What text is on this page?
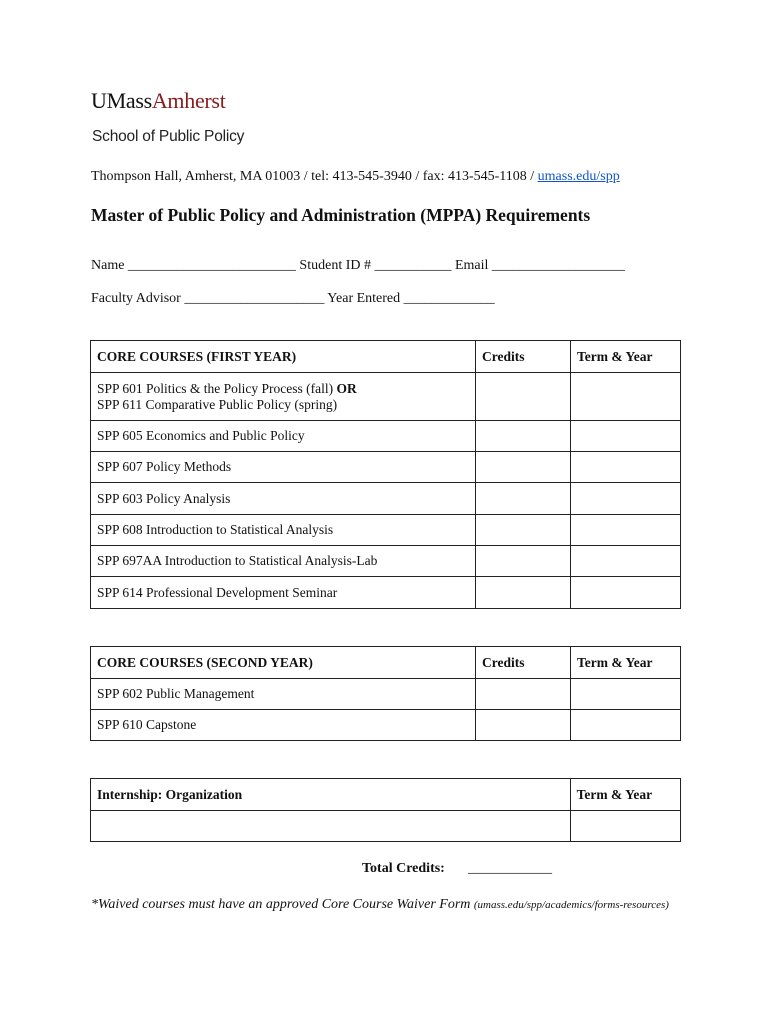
UMassAmherst
School of Public Policy
Thompson Hall, Amherst, MA 01003 / tel: 413-545-3940 / fax: 413-545-1108 / umass.edu/spp
Master of Public Policy and Administration (MPPA) Requirements
Name ________________________ Student ID # ___________ Email ___________________
Faculty Advisor ____________________ Year Entered _____________
CORE COURSES (FIRST YEAR)	Credits	Term & Year
SPP 601 Politics & the Policy Process (fall) OR
SPP 611 Comparative Public Policy (spring)		
SPP 605 Economics and Public Policy		
SPP 607 Policy Methods		
SPP 603 Policy Analysis		
SPP 608 Introduction to Statistical Analysis		
SPP 697AA Introduction to Statistical Analysis-Lab		
SPP 614 Professional Development Seminar		
CORE COURSES (SECOND YEAR)	Credits	Term & Year
SPP 602 Public Management		
SPP 610 Capstone		
Internship: Organization	Term & Year

Total Credits: ____________
*Waived courses must have an approved Core Course Waiver Form (umass.edu/spp/academics/forms-resources)
